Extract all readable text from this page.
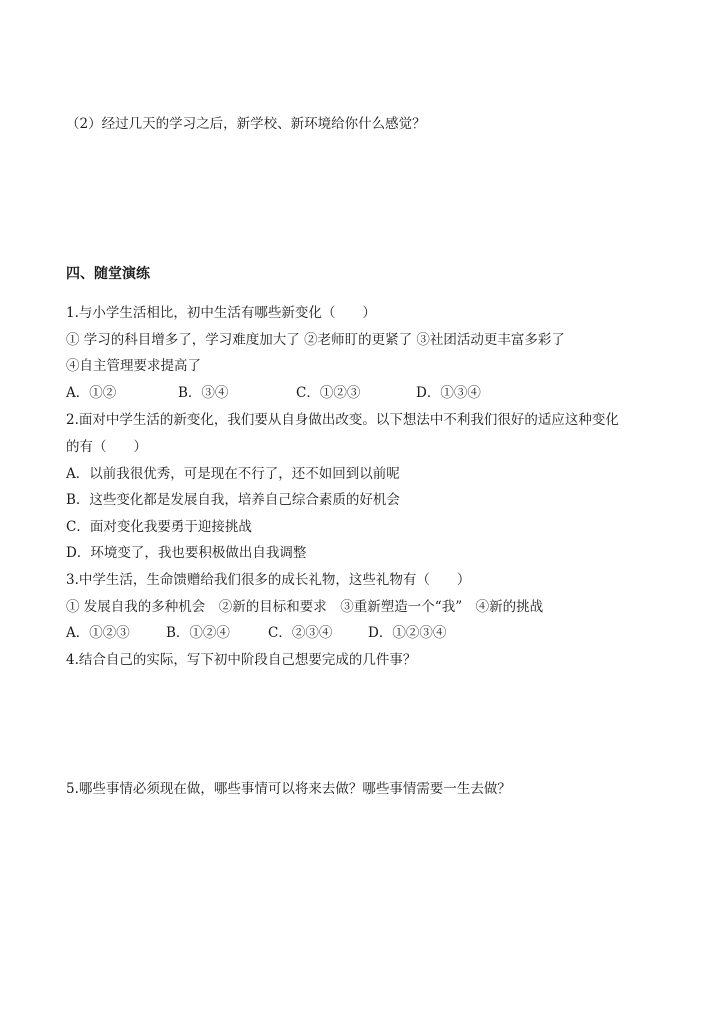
（2）经过几天的学习之后，新学校、新环境给你什么感觉？
四、随堂演练
1.与小学生活相比，初中生活有哪些新变化（　　）
① 学习的科目增多了，学习难度加大了 ②老师盯的更紧了 ③社团活动更丰富多彩了
④自主管理要求提高了
A．①②	B．③④	C．①②③	D．①③④
2.面对中学生活的新变化，我们要从自身做出改变。以下想法中不利我们很好的适应这种变化
的有（　　）
A．以前我很优秀，可是现在不行了，还不如回到以前呢
B．这些变化都是发展自我，培养自己综合素质的好机会
C．面对变化我要勇于迎接挑战
D．环境变了，我也要积极做出自我调整
3.中学生活，生命馈赠给我们很多的成长礼物，这些礼物有（　　）
① 发展自我的多种机会　②新的目标和要求　③重新塑造一个“我”　④新的挑战
A．①②③	B．①②④	C．②③④	D．①②③④
4.结合自己的实际，写下初中阶段自己想要完成的几件事？
5.哪些事情必须现在做，哪些事情可以将来去做？哪些事情需要一生去做？
